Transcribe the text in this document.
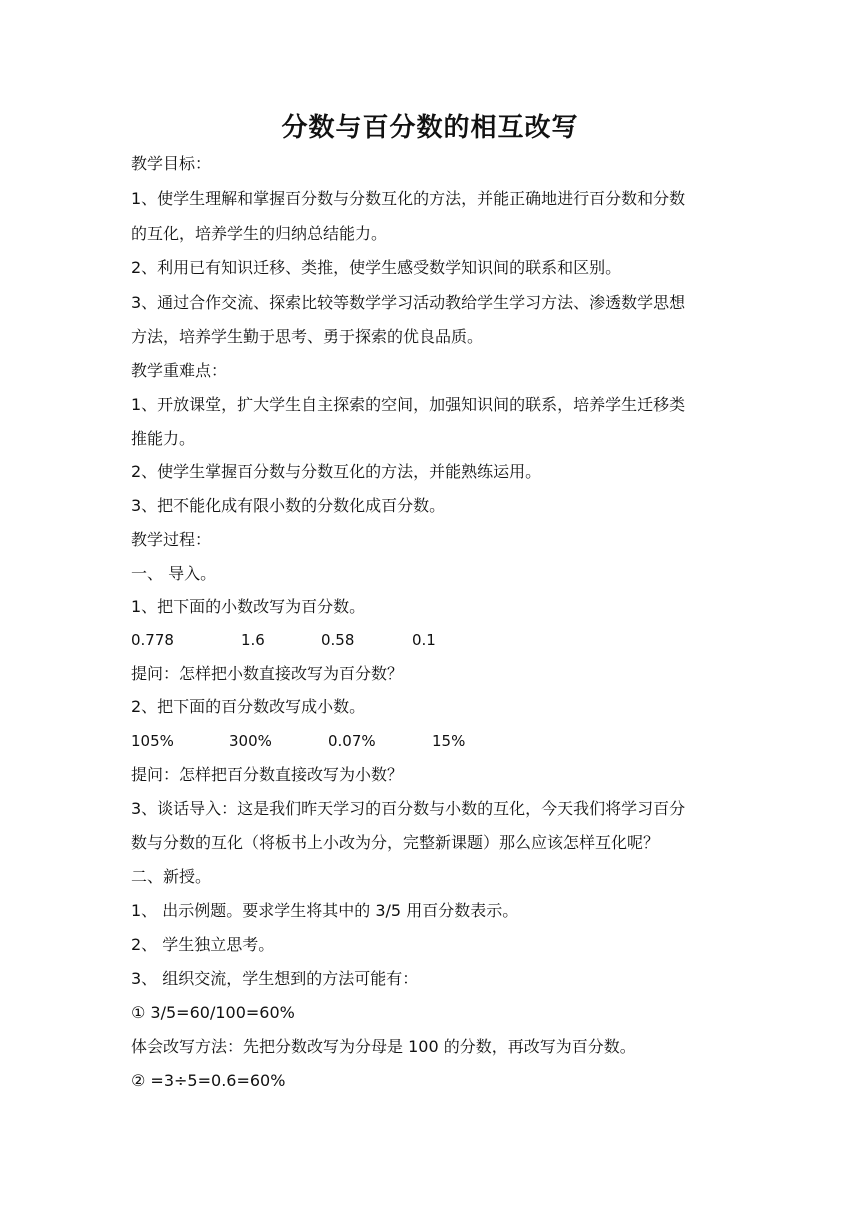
分数与百分数的相互改写
教学目标：
1、使学生理解和掌握百分数与分数互化的方法，并能正确地进行百分数和分数
的互化，培养学生的归纳总结能力。
2、利用已有知识迁移、类推，使学生感受数学知识间的联系和区别。
3、通过合作交流、探索比较等数学学习活动教给学生学习方法、渗透数学思想
方法，培养学生勤于思考、勇于探索的优良品质。
教学重难点：
1、开放课堂，扩大学生自主探索的空间，加强知识间的联系，培养学生迁移类
推能力。
2、使学生掌握百分数与分数互化的方法，并能熟练运用。
3、把不能化成有限小数的分数化成百分数。
教学过程：
一、 导入。
1、把下面的小数改写为百分数。
0.778	1.6	0.58	0.1
提问：怎样把小数直接改写为百分数？
2、把下面的百分数改写成小数。
105%	300%	0.07%	15%
提问：怎样把百分数直接改写为小数？
3、谈话导入：这是我们昨天学习的百分数与小数的互化，今天我们将学习百分
数与分数的互化（将板书上小改为分，完整新课题）那么应该怎样互化呢？
二、新授。
1、 出示例题。要求学生将其中的 3/5 用百分数表示。
2、 学生独立思考。
3、 组织交流，学生想到的方法可能有：
① 3/5=60/100=60%
体会改写方法：先把分数改写为分母是 100 的分数，再改写为百分数。
② =3÷5=0.6=60%
